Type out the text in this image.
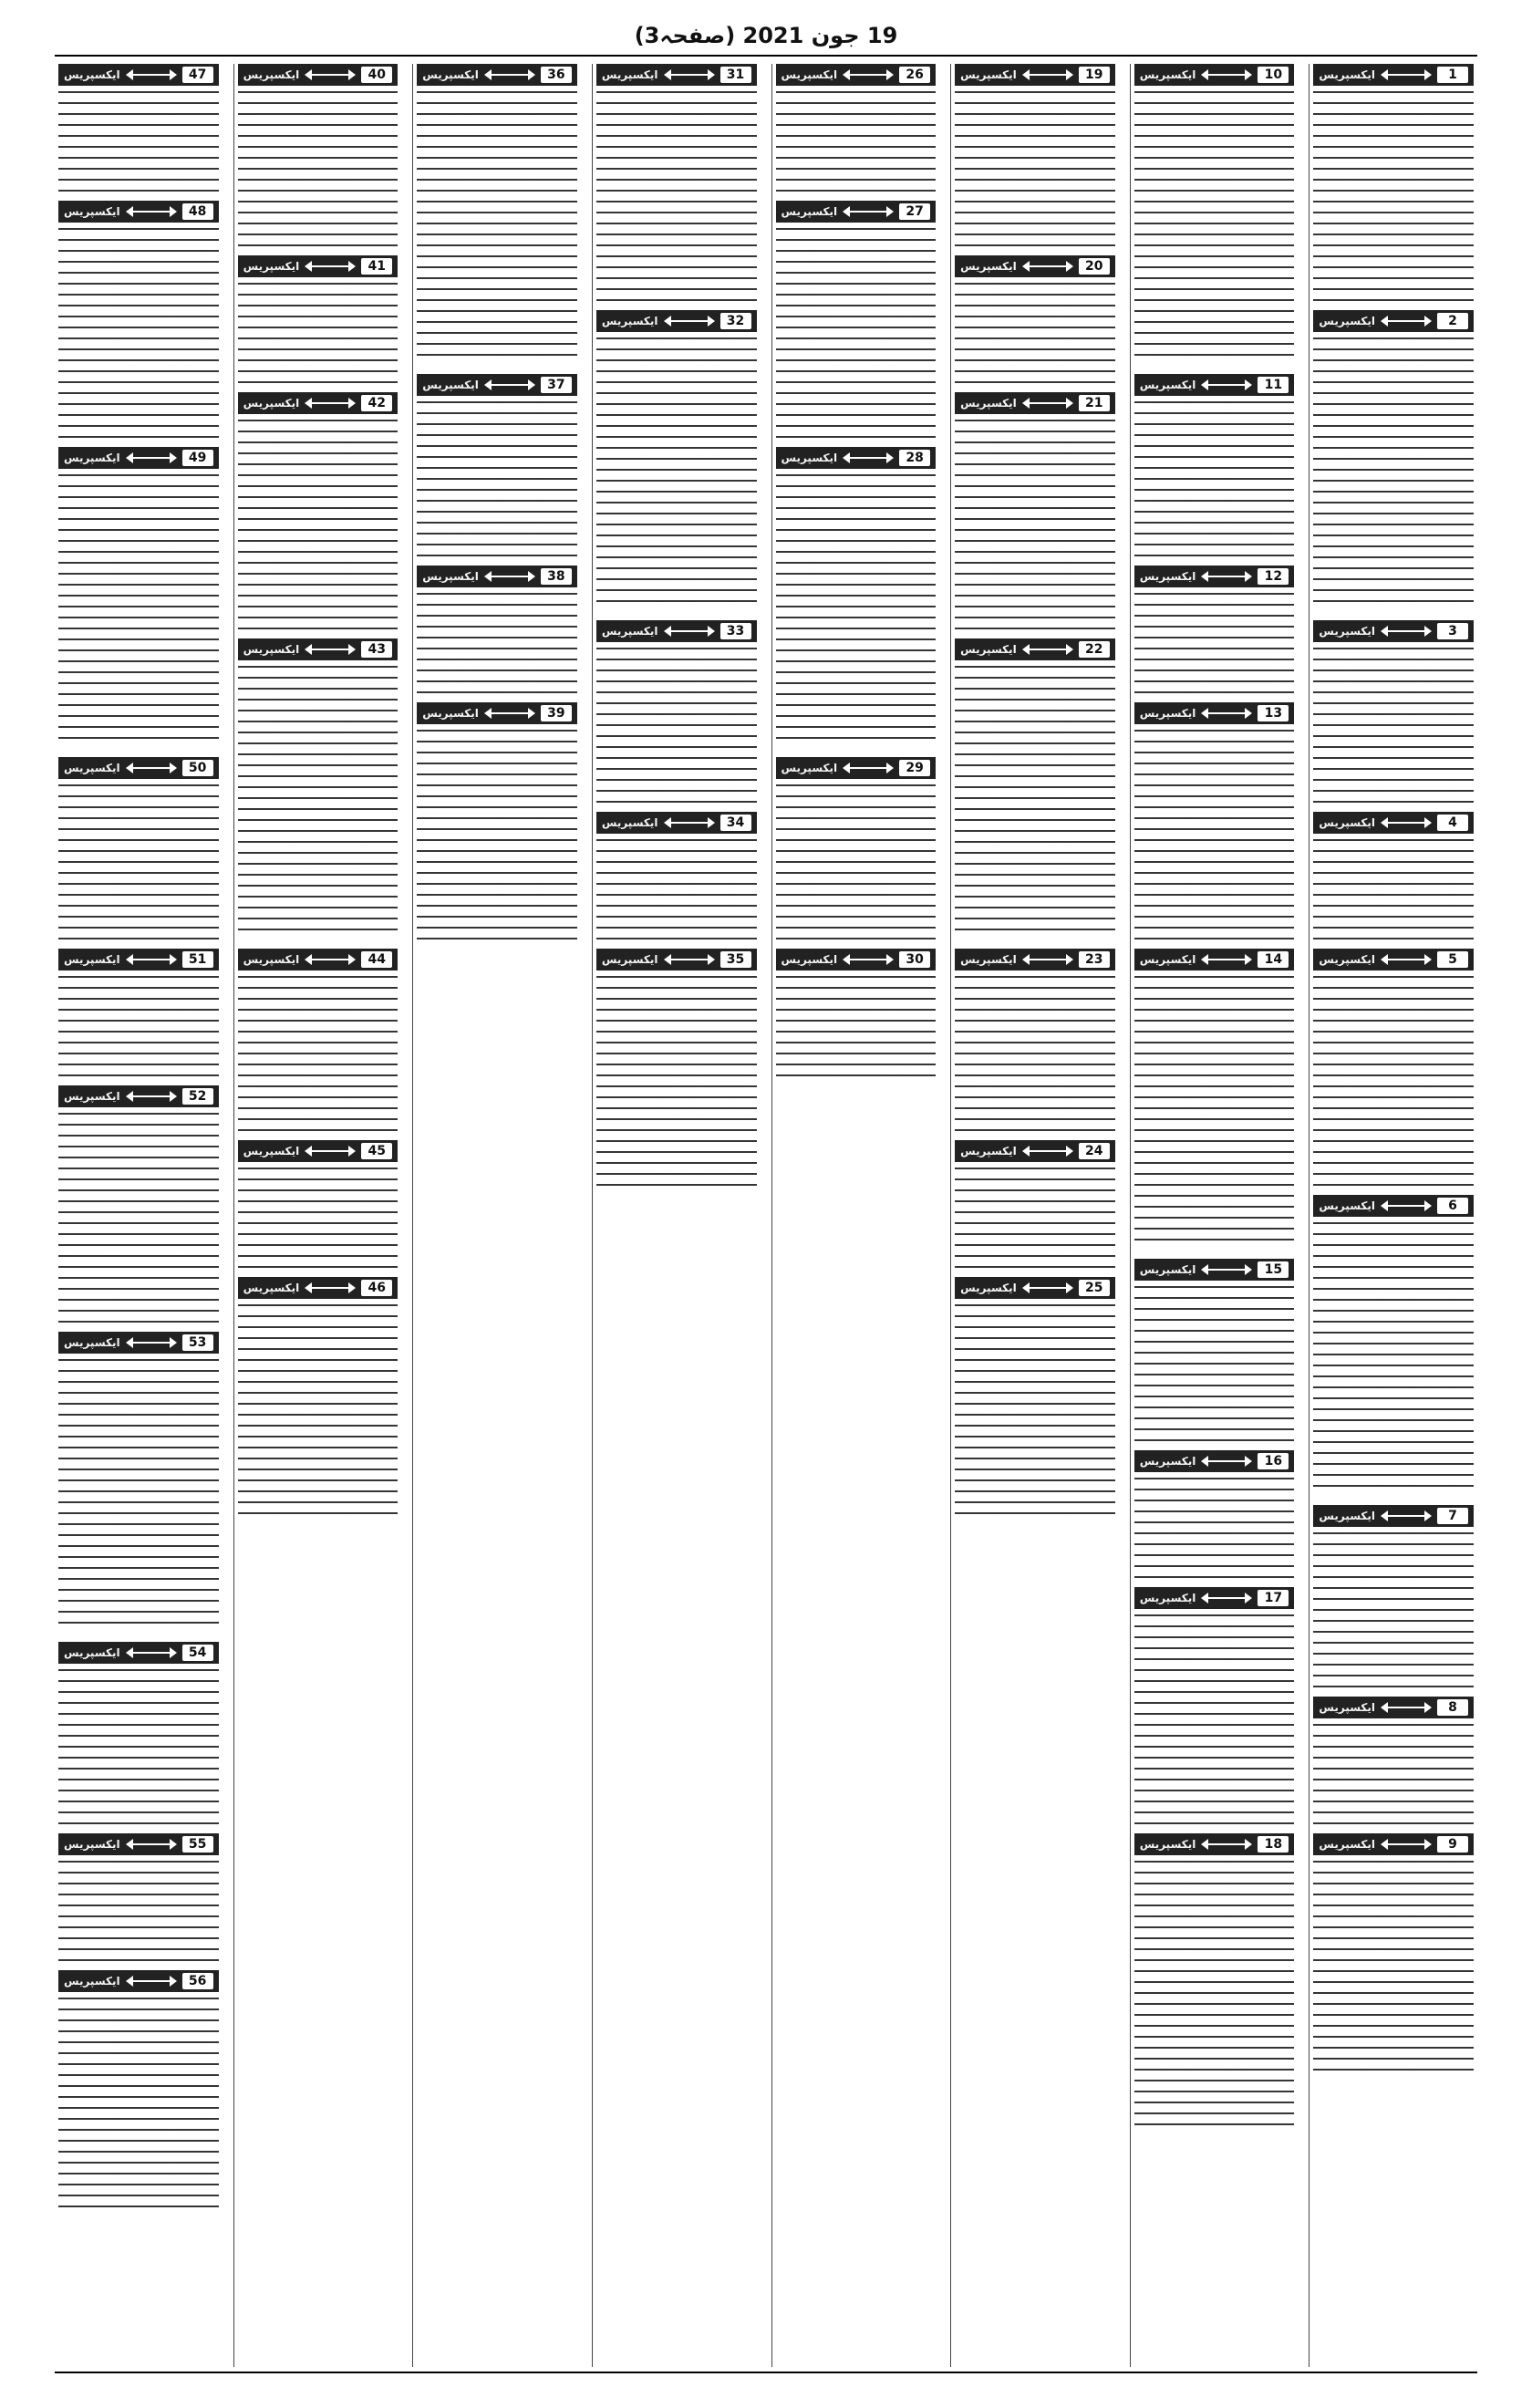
19 جون 2021 (صفحہ3)
1
ایکسپریس
2
ایکسپریس
3
ایکسپریس
4
ایکسپریس
5
ایکسپریس
6
ایکسپریس
7
ایکسپریس
8
ایکسپریس
9
ایکسپریس
10
ایکسپریس
11
ایکسپریس
12
ایکسپریس
13
ایکسپریس
14
ایکسپریس
15
ایکسپریس
16
ایکسپریس
17
ایکسپریس
18
ایکسپریس
19
ایکسپریس
20
ایکسپریس
21
ایکسپریس
22
ایکسپریس
23
ایکسپریس
24
ایکسپریس
25
ایکسپریس
26
ایکسپریس
27
ایکسپریس
28
ایکسپریس
29
ایکسپریس
30
ایکسپریس
31
ایکسپریس
32
ایکسپریس
33
ایکسپریس
34
ایکسپریس
35
ایکسپریس
36
ایکسپریس
37
ایکسپریس
38
ایکسپریس
39
ایکسپریس
40
ایکسپریس
41
ایکسپریس
42
ایکسپریس
43
ایکسپریس
44
ایکسپریس
45
ایکسپریس
46
ایکسپریس
47
ایکسپریس
48
ایکسپریس
49
ایکسپریس
50
ایکسپریس
51
ایکسپریس
52
ایکسپریس
53
ایکسپریس
54
ایکسپریس
55
ایکسپریس
56
ایکسپریس
